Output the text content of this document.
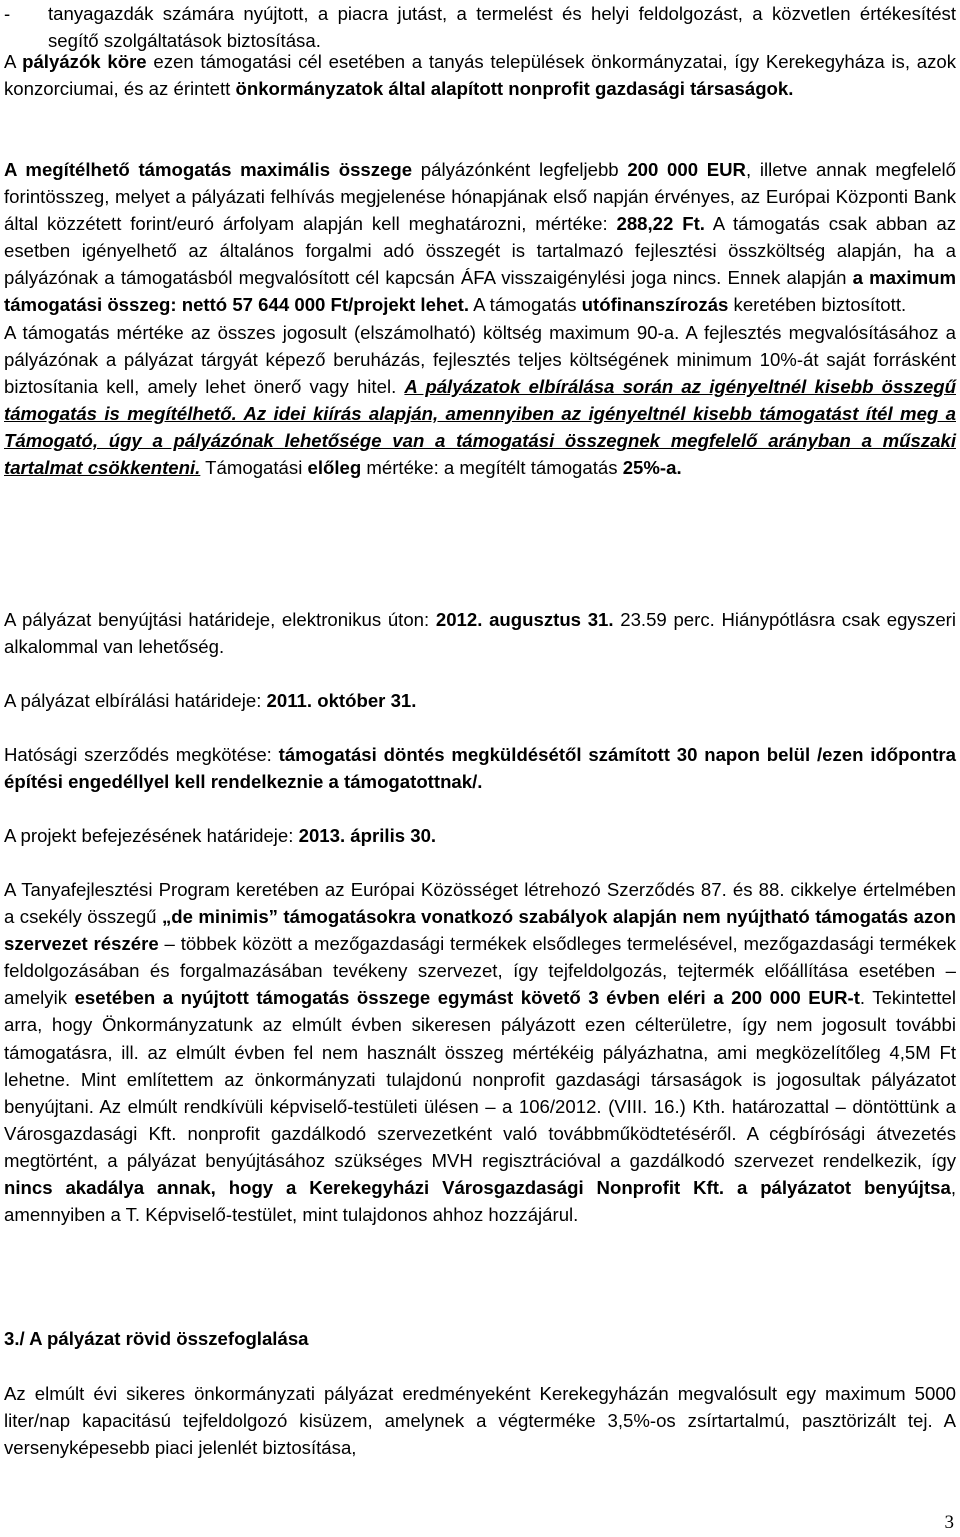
- tanyagazdák számára nyújtott, a piacra jutást, a termelést és helyi feldolgozást, a közvetlen értékesítést segítő szolgáltatások biztosítása.

A pályázók köre ezen támogatási cél esetében a tanyás települések önkormányzatai, így Kerekegyháza is, azok konzorciumai, és az érintett önkormányzatok által alapított nonprofit gazdasági társaságok.

A megítélhető támogatás maximális összege pályázónként legfeljebb 200 000 EUR, illetve annak megfelelő forintösszeg, melyet a pályázati felhívás megjelenése hónapjának első napján érvényes, az Európai Központi Bank által közzétett forint/euró árfolyam alapján kell meghatározni, mértéke: 288,22 Ft. A támogatás csak abban az esetben igényelhető az általános forgalmi adó összegét is tartalmazó fejlesztési összköltség alapján, ha a pályázónak a támogatásból megvalósított cél kapcsán ÁFA visszaigénylési joga nincs. Ennek alapján a maximum támogatási összeg: nettó 57 644 000 Ft/projekt lehet. A támogatás utófinanszírozás keretében biztosított.
A támogatás mértéke az összes jogosult (elszámolható) költség maximum 90-a. A fejlesztés megvalósításához a pályázónak a pályázat tárgyát képező beruházás, fejlesztés teljes költségének minimum 10%-át saját forrásként biztosítania kell, amely lehet önerő vagy hitel. A pályázatok elbírálása során az igényeltnél kisebb összegű támogatás is megítélhető. Az idei kiírás alapján, amennyiben az igényeltnél kisebb támogatást ítél meg a Támogató, úgy a pályázónak lehetősége van a támogatási összegnek megfelelő arányban a műszaki tartalmat csökkenteni. Támogatási előleg mértéke: a megítélt támogatás 25%-a.

A pályázat benyújtási határideje, elektronikus úton: 2012. augusztus 31. 23.59 perc. Hiánypótlásra csak egyszeri alkalommal van lehetőség.

A pályázat elbírálási határideje: 2011. október 31.

Hatósági szerződés megkötése: támogatási döntés megküldésétől számított 30 napon belül /ezen időpontra építési engedéllyel kell rendelkeznie a támogatottnak/.

A projekt befejezésének határideje: 2013. április 30.

A Tanyafejlesztési Program keretében az Európai Közösséget létrehozó Szerződés 87. és 88. cikkelye értelmében a csekély összegű „de minimis” támogatásokra vonatkozó szabályok alapján nem nyújtható támogatás azon szervezet részére – többek között a mezőgazdasági termékek elsődleges termelésével, mezőgazdasági termékek feldolgozásában és forgalmazásában tevékeny szervezet, így tejfeldolgozás, tejtermék előállítása esetében – amelyik esetében a nyújtott támogatás összege egymást követő 3 évben eléri a 200 000 EUR-t. Tekintettel arra, hogy Önkormányzatunk az elmúlt évben sikeresen pályázott ezen célterületre, így nem jogosult további támogatásra, ill. az elmúlt évben fel nem használt összeg mértékéig pályázhatna, ami megközelítőleg 4,5M Ft lehetne. Mint említettem az önkormányzati tulajdonú nonprofit gazdasági társaságok is jogosultak pályázatot benyújtani. Az elmúlt rendkívüli képviselő-testületi ülésen – a 106/2012. (VIII. 16.) Kth. határozattal – döntöttünk a Városgazdasági Kft. nonprofit gazdálkodó szervezetként való továbbműködtetéséről. A cégbírósági átvezetés megtörtént, a pályázat benyújtásához szükséges MVH regisztrációval a gazdálkodó szervezet rendelkezik, így nincs akadálya annak, hogy a Kerekegyházi Városgazdasági Nonprofit Kft. a pályázatot benyújtsa, amennyiben a T. Képviselő-testület, mint tulajdonos ahhoz hozzájárul.

3./ A pályázat rövid összefoglalása

Az elmúlt évi sikeres önkormányzati pályázat eredményeként Kerekegyházán megvalósult egy maximum 5000 liter/nap kapacitású tejfeldolgozó kisüzem, amelynek a végtermékе 3,5%-os zsírtartalmú, pasztörizált tej. A versenyképesebb piaci jelenlét biztosítása,

3
